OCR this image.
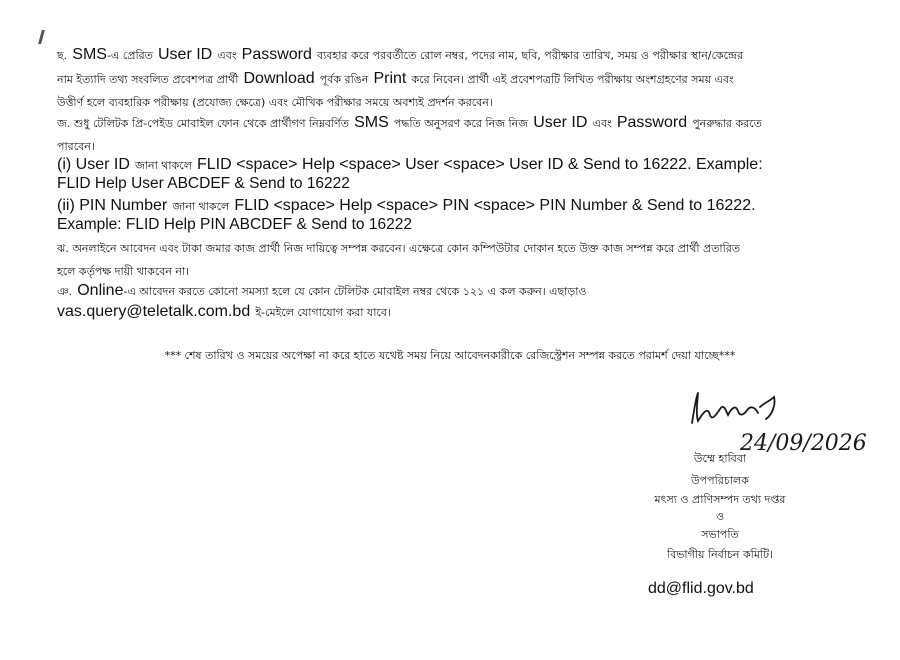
ছ. SMS-এ প্রেরিত User ID এবং Password ব্যবহার করে পরবর্তীতে রোল নম্বর, পদের নাম, ছবি, পরীক্ষার তারিখ, সময় ও পরীক্ষার স্থান/কেন্দ্রের
নাম ইত্যাদি তথ্য সংবলিত প্রবেশপত্র প্রার্থী Download পূর্বক রঙিন Print করে নিবেন। প্রার্থী এই প্রবেশপত্রটি লিখিত পরীক্ষায় অংশগ্রহণের সময় এবং
উত্তীর্ণ হলে ব্যবহারিক পরীক্ষায় (প্রযোজ্য ক্ষেত্রে) এবং মৌখিক পরীক্ষার সময়ে অবশ্যই প্রদর্শন করবেন।
জ. শুধু টেলিটক প্রি-পেইড মোবাইল ফোন থেকে প্রার্থীগণ নিম্নবর্ণিত SMS পদ্ধতি অনুসরণ করে নিজ নিজ User ID এবং Password পুনরুদ্ধার করতে
পারবেন।
(i) User ID জানা থাকলে FLID <space> Help <space> User <space> User ID & Send to 16222. Example:
FLID Help User ABCDEF & Send to 16222
(ii) PIN Number জানা থাকলে FLID <space> Help <space> PIN <space> PIN Number & Send to 16222.
Example: FLID Help PIN ABCDEF & Send to 16222
ঝ. অনলাইনে আবেদন এবং টাকা জমার কাজ প্রার্থী নিজ দায়িত্বে সম্পন্ন করবেন। এক্ষেত্রে কোন কম্পিউটার দোকান হতে উক্ত কাজ সম্পন্ন করে প্রার্থী প্রতারিত
হলে কর্তৃপক্ষ দায়ী থাকবেন না।
ঞ. Online-এ আবেদন করতে কোনো সমস্যা হলে যে কোন টেলিটক মোবাইল নম্বর থেকে ১২১ এ কল করুন। এছাড়াও
vas.query@teletalk.com.bd ই-মেইলে যোগাযোগ করা যাবে।
*** শেষ তারিখ ও সময়ের অপেক্ষা না করে হাতে যথেষ্ট সময় নিয়ে আবেদনকারীকে রেজিস্ট্রেশন সম্পন্ন করতে পরামর্শ দেয়া যাচ্ছে***
24/09/2026
উম্মে হাবিবা
উপপরিচালক
মৎস্য ও প্রাণিসম্পদ তথ্য দপ্তর
ও
সভাপতি
বিভাগীয় নির্বাচন কমিটি।
dd@flid.gov.bd
